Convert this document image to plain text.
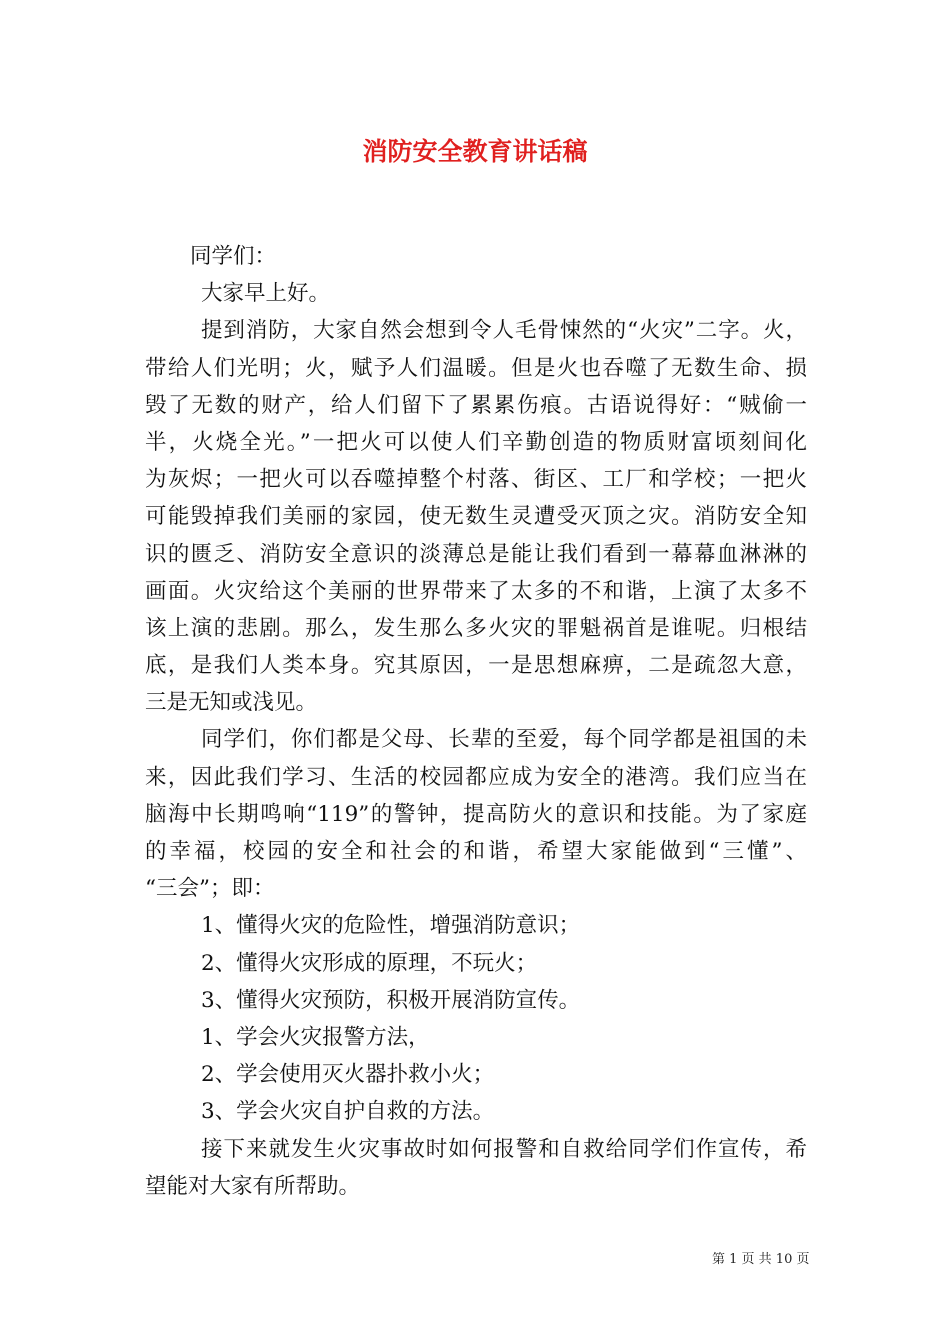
消防安全教育讲话稿
同学们：
大家早上好。
提到消防，大家自然会想到令人毛骨悚然的“火灾”二字。火，
带给人们光明；火，赋予人们温暖。但是火也吞噬了无数生命、损
毁了无数的财产，给人们留下了累累伤痕。古语说得好：“贼偷一
半，火烧全光。”一把火可以使人们辛勤创造的物质财富顷刻间化
为灰烬；一把火可以吞噬掉整个村落、街区、工厂和学校；一把火
可能毁掉我们美丽的家园，使无数生灵遭受灭顶之灾。消防安全知
识的匮乏、消防安全意识的淡薄总是能让我们看到一幕幕血淋淋的
画面。火灾给这个美丽的世界带来了太多的不和谐，上演了太多不
该上演的悲剧。那么，发生那么多火灾的罪魁祸首是谁呢。归根结
底，是我们人类本身。究其原因，一是思想麻痹，二是疏忽大意，
三是无知或浅见。
同学们，你们都是父母、长辈的至爱，每个同学都是祖国的未
来，因此我们学习、生活的校园都应成为安全的港湾。我们应当在
脑海中长期鸣响“119”的警钟，提高防火的意识和技能。为了家庭
的幸福，校园的安全和社会的和谐，希望大家能做到“三懂”、
“三会”；即：
1、懂得火灾的危险性，增强消防意识；
2、懂得火灾形成的原理，不玩火；
3、懂得火灾预防，积极开展消防宣传。
1、学会火灾报警方法，
2、学会使用灭火器扑救小火；
3、学会火灾自护自救的方法。
接下来就发生火灾事故时如何报警和自救给同学们作宣传，希
望能对大家有所帮助。
第 1 页 共 10 页
